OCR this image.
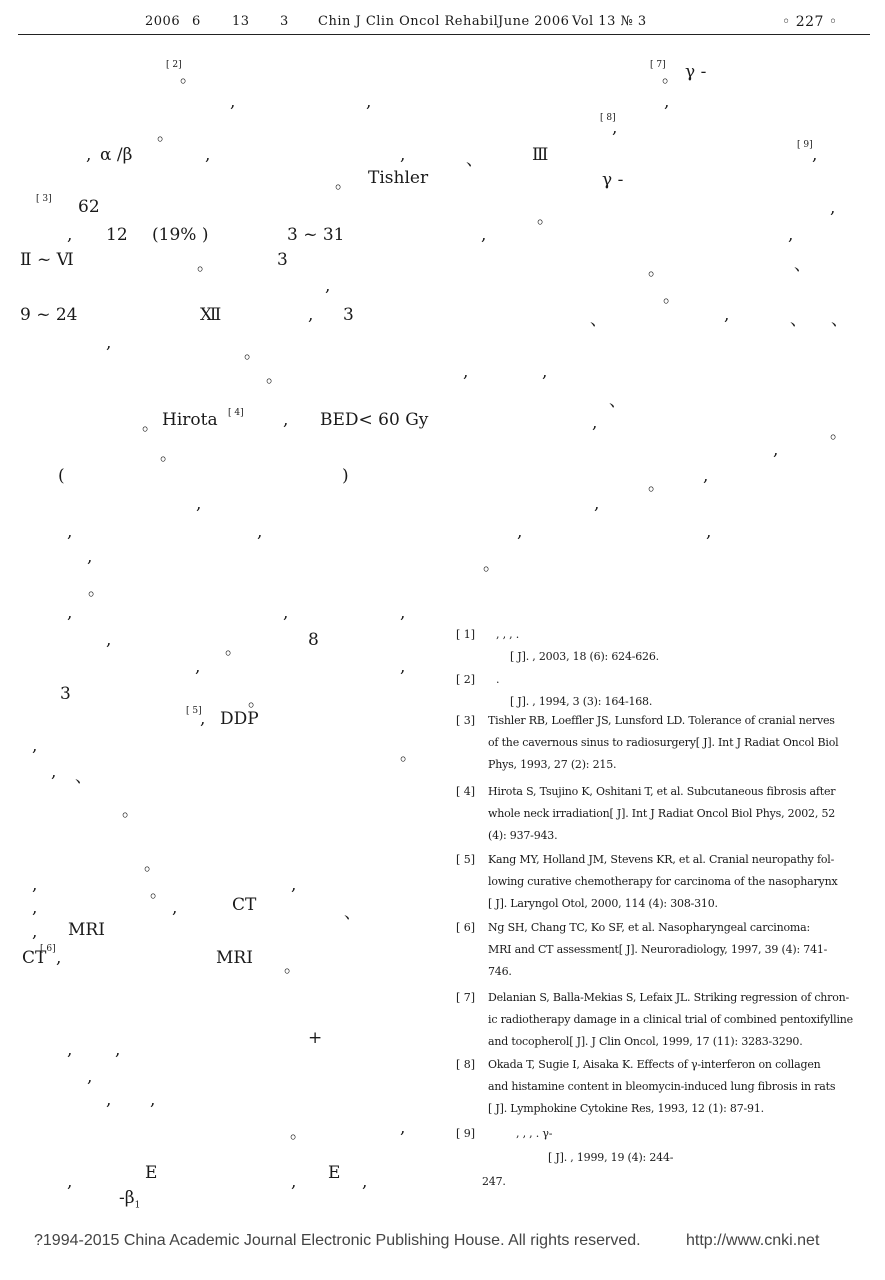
2006 6 13 3 Chin J Clin Oncol Rehabil June 2006 Vol 13 № 3	◦ 227 ◦
[ 2]
。
,	,
。
, α /β	,	,
。 Tishler
[ 3] 62
, 12 (19% )	3 ~ 31
Ⅱ ~ Ⅵ	。	3
,
9 ~ 24	Ⅻ	, 3
,	。
。
。 Hirota [ 4] , BED< 60 Gy
。
(	)
,
,	,
,
。
,	,	,
,	。	8
,	,
3	。
[ 5]
, DDP
,	。
, 、
。
。
,	。	,
,	,	CT	、
, MRI
CT
[ 6] ,	MRI 。
,	,
,
+
, ,
。	,
,	E	,	,
$-\beta_1$
E
[ 7]
。 γ -
,
[ 8]
,
、	Ⅲ	[ 9] ,
γ -
,
。
,	,
。	、
。
、	,	、 、
,	,
、
,	。
,
。 ,
,
,	,
。
[ 1] , , , .
[ J]. , 2003, 18 (6): 624-626.
[ 2] .
[ J]. , 1994, 3 (3): 164-168.
[ 3] Tishler RB, Loeffler JS, Lunsford LD. Tolerance of cranial nerves
of the cavernous sinus to radiosurgery[ J]. Int J Radiat Oncol Biol
Phys, 1993, 27 (2): 215.
[ 4] Hirota S, Tsujino K, Oshitani T, et al. Subcutaneous fibrosis after
whole neck irradiation[ J]. Int J Radiat Oncol Biol Phys, 2002, 52
(4): 937-943.
[ 5] Kang MY, Holland JM, Stevens KR, et al. Cranial neuropathy fol-
lowing curative chemotherapy for carcinoma of the nasopharynx
[ J]. Laryngol Otol, 2000, 114 (4): 308-310.
[ 6] Ng SH, Chang TC, Ko SF, et al. Nasopharyngeal carcinoma:
MRI and CT assessment[ J]. Neuroradiology, 1997, 39 (4): 741-
746.
[ 7] Delanian S, Balla-Mekias S, Lefaix JL. Striking regression of chron-
ic radiotherapy damage in a clinical trial of combined pentoxifylline
and tocopherol[ J]. J Clin Oncol, 1999, 17 (11): 3283-3290.
[ 8] Okada T, Sugie I, Aisaka K. Effects of γ-interferon on collagen
and histamine content in bleomycin-induced lung fibrosis in rats
[ J]. Lymphokine Cytokine Res, 1993, 12 (1): 87-91.
[ 9]	, , , . γ-
[ J]. , 1999, 19 (4): 244-
247.
?1994-2015 China Academic Journal Electronic Publishing House. All rights reserved.	http://www.cnki.net
